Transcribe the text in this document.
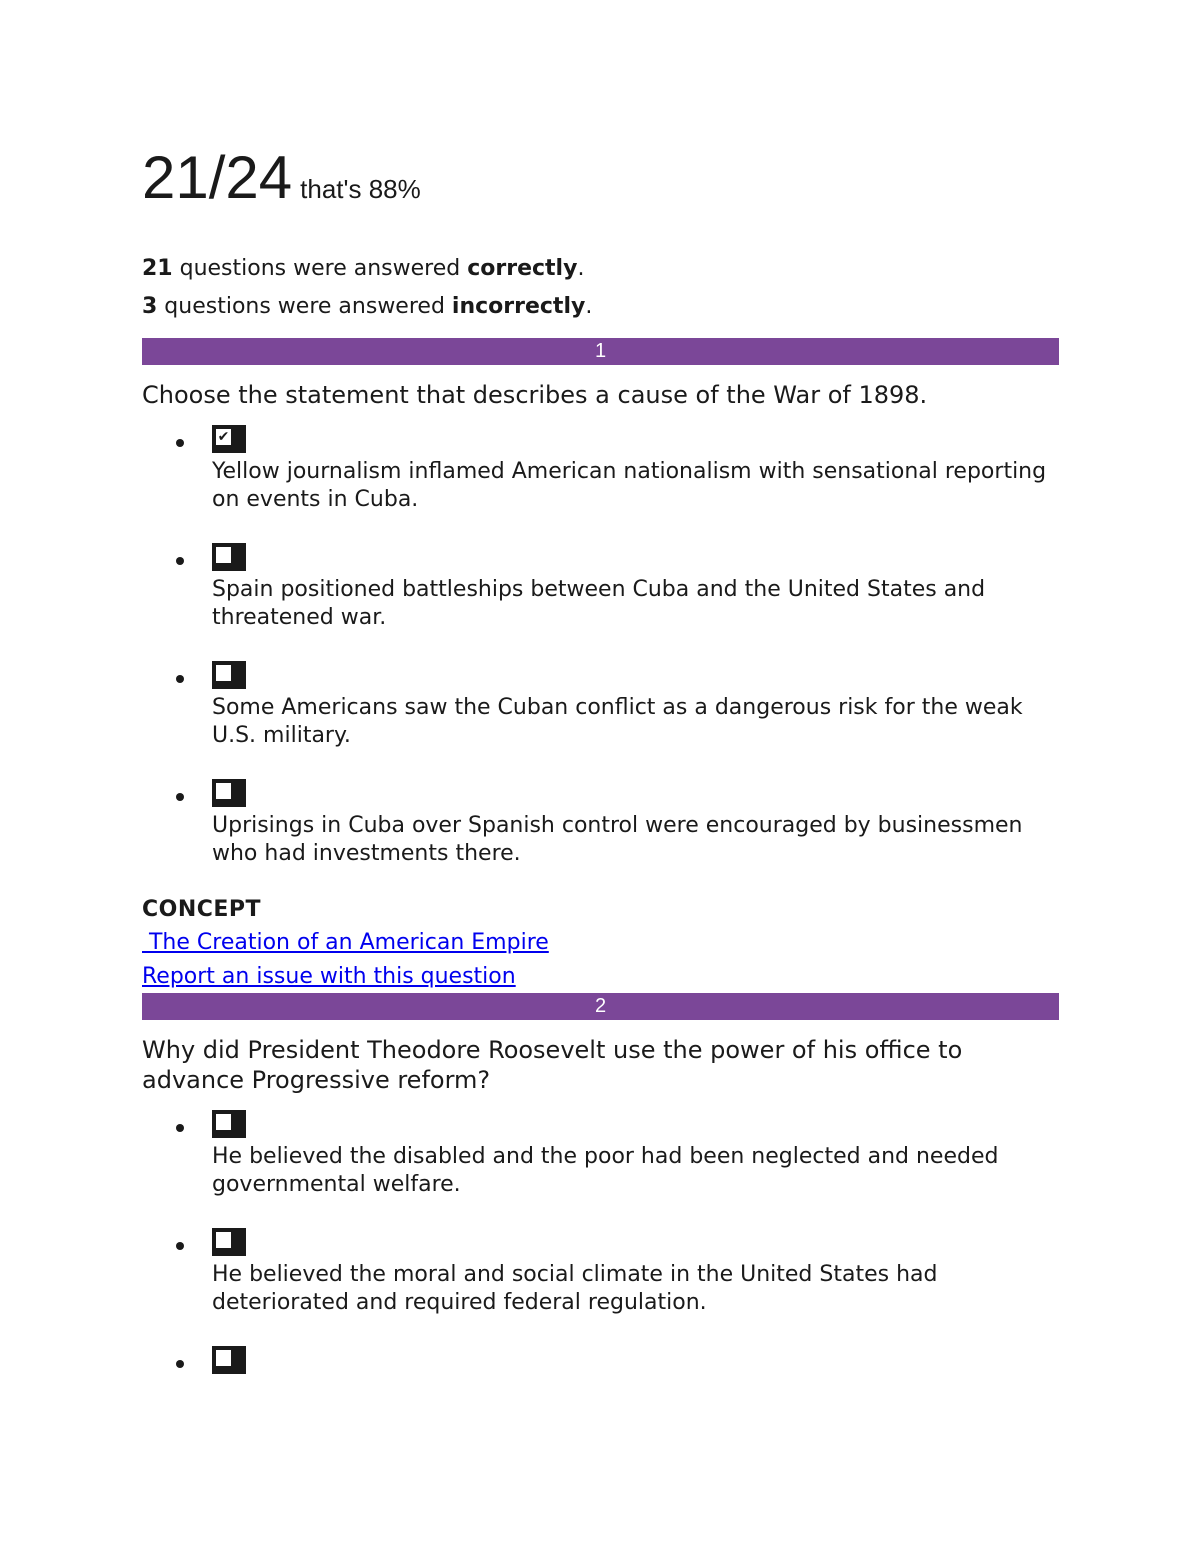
21/24 that's 88%
21 questions were answered correctly.
3 questions were answered incorrectly.
1
Choose the statement that describes a cause of the War of 1898.
✔
Yellow journalism inflamed American nationalism with sensational reporting on events in Cuba.
Spain positioned battleships between Cuba and the United States and threatened war.
Some Americans saw the Cuban conflict as a dangerous risk for the weak U.S. military.
Uprisings in Cuba over Spanish control were encouraged by businessmen who had investments there.
CONCEPT
The Creation of an American Empire
Report an issue with this question
2
Why did President Theodore Roosevelt use the power of his office to advance Progressive reform?
He believed the disabled and the poor had been neglected and needed governmental welfare.
He believed the moral and social climate in the United States had deteriorated and required federal regulation.
